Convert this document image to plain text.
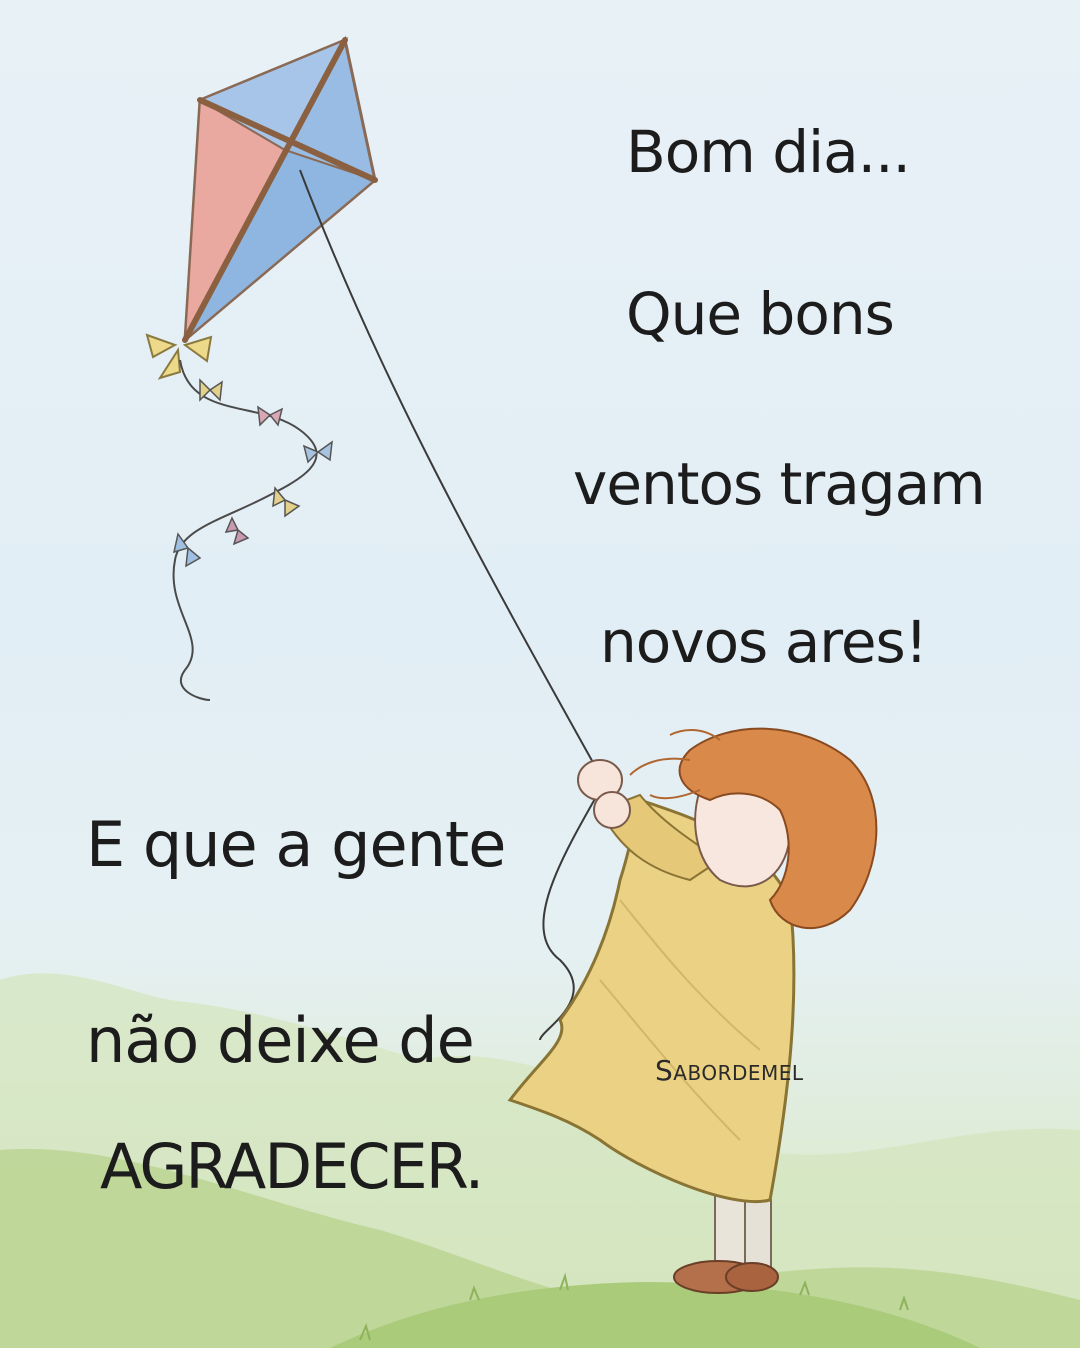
Bom dia...
Que bons
ventos tragam
novos ares!
E que a gente
não deixe de
AGRADECER.
SABORDEMEL
